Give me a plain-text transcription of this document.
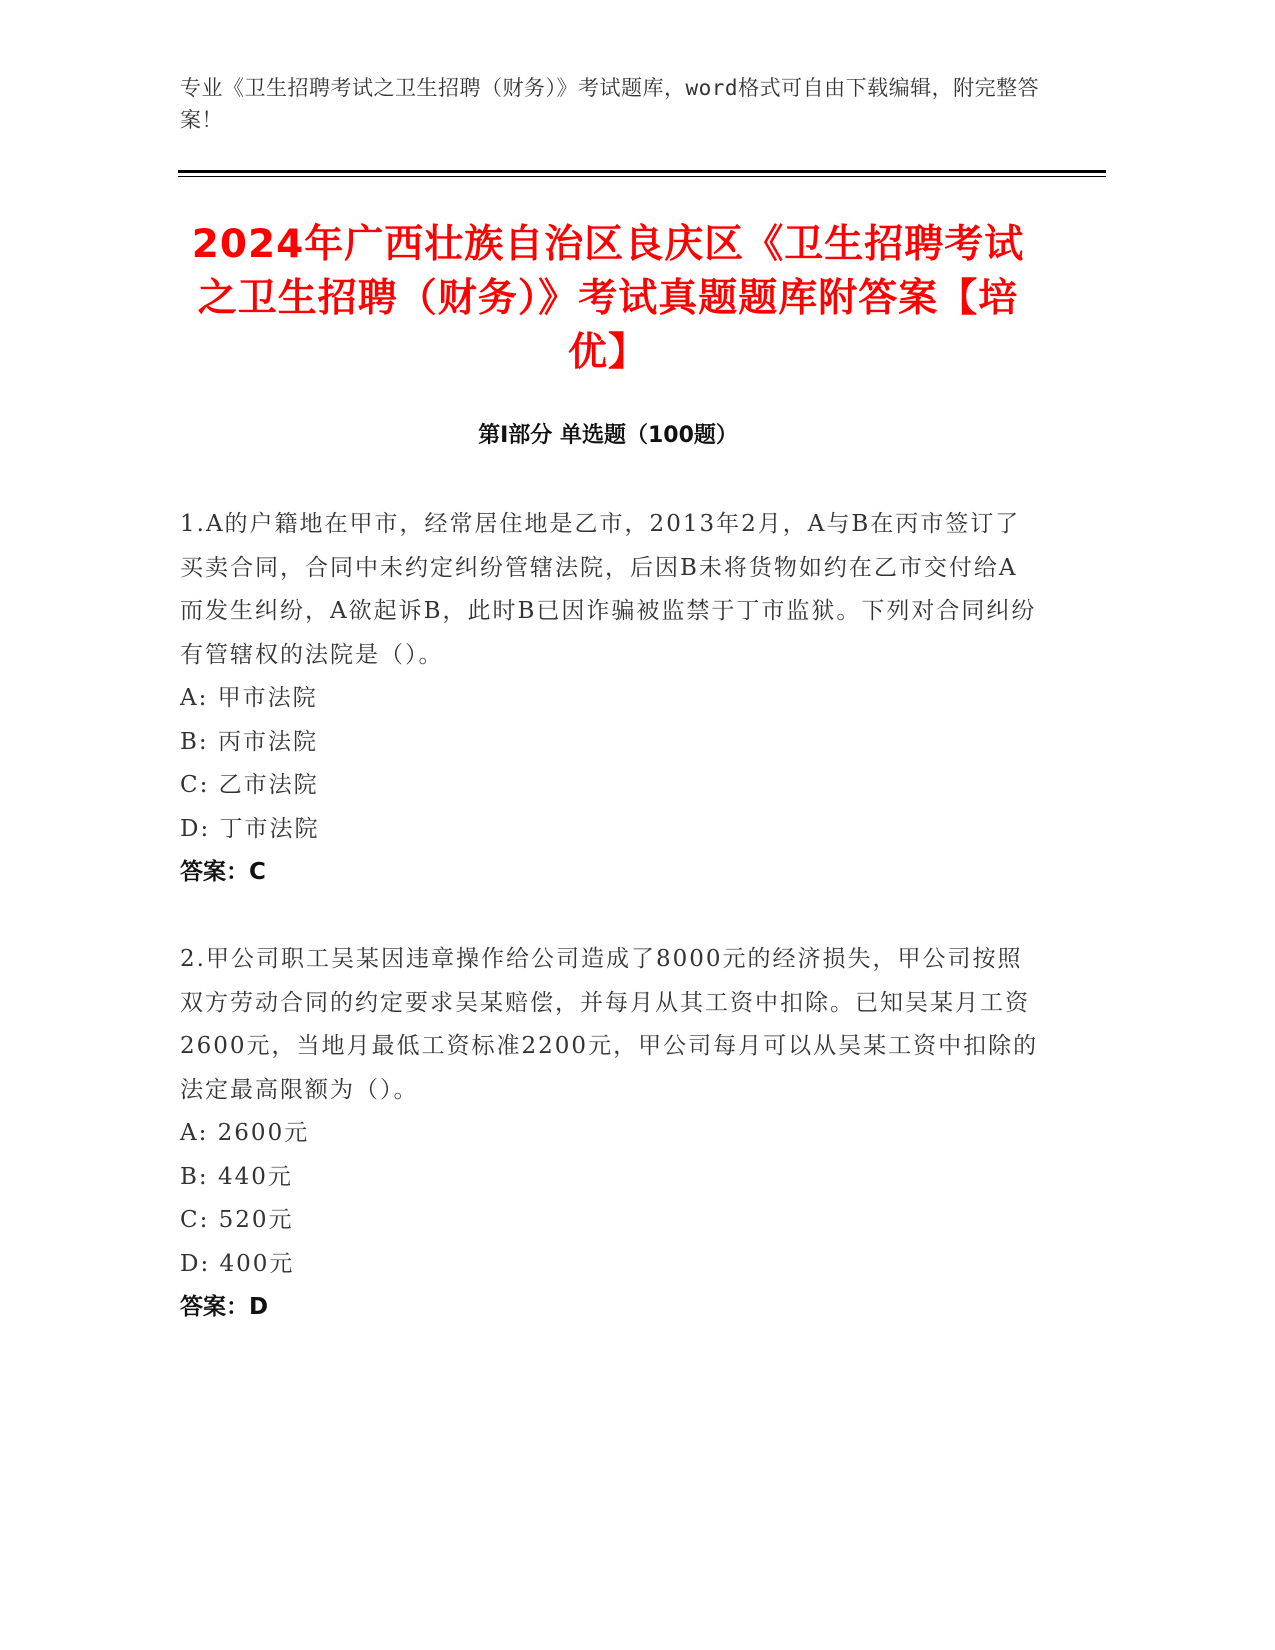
专业《卫生招聘考试之卫生招聘（财务）》考试题库，word格式可自由下载编辑，附完整答案！
2024年广西壮族自治区良庆区《卫生招聘考试之卫生招聘（财务）》考试真题题库附答案【培优】
第I部分 单选题（100题）

1.A的户籍地在甲市，经常居住地是乙市，2013年2月，A与B在丙市签订了买卖合同，合同中未约定纠纷管辖法院，后因B未将货物如约在乙市交付给A而发生纠纷，A欲起诉B，此时B已因诈骗被监禁于丁市监狱。下列对合同纠纷有管辖权的法院是（）。

A: 甲市法院

B: 丙市法院

C: 乙市法院

D: 丁市法院

答案：C

2.甲公司职工吴某因违章操作给公司造成了8000元的经济损失，甲公司按照双方劳动合同的约定要求吴某赔偿，并每月从其工资中扣除。已知吴某月工资2600元，当地月最低工资标准2200元，甲公司每月可以从吴某工资中扣除的法定最高限额为（）。

A: 2600元

B: 440元

C: 520元

D: 400元

答案：D
